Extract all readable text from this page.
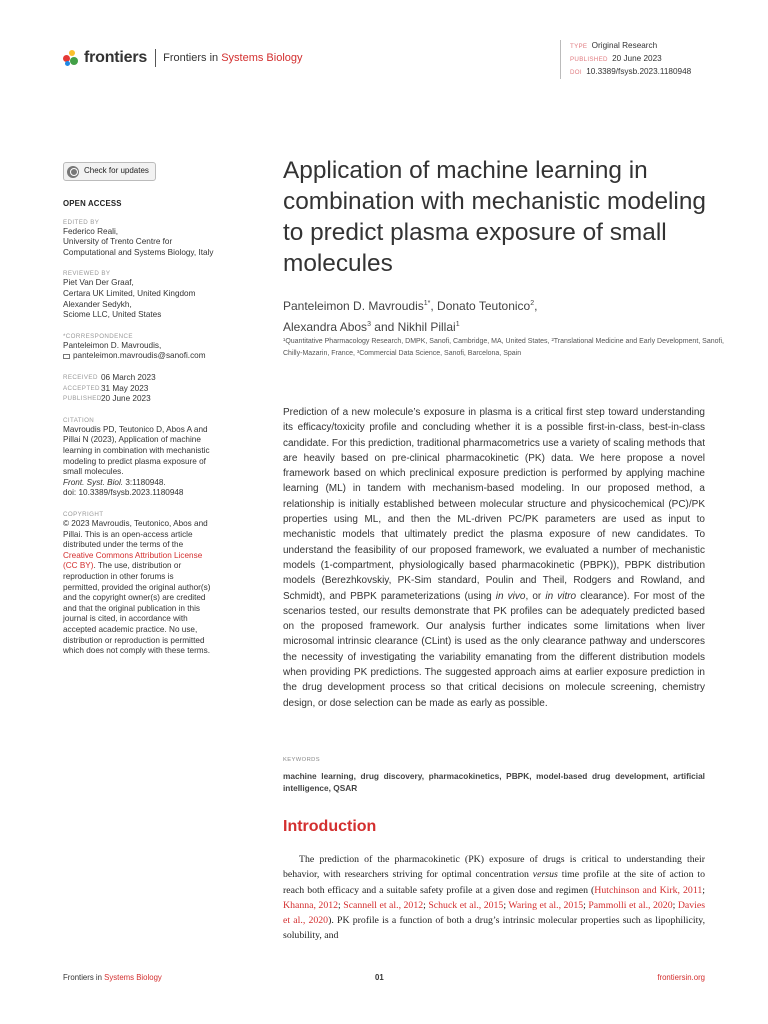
frontiers Frontiers in Systems Biology
TYPE Original Research
PUBLISHED 20 June 2023
DOI 10.3389/fsysb.2023.1180948
Check for updates
OPEN ACCESS
EDITED BY
Federico Reali,
University of Trento Centre for
Computational and Systems Biology, Italy
REVIEWED BY
Piet Van Der Graaf,
Certara UK Limited, United Kingdom
Alexander Sedykh,
Sciome LLC, United States
*CORRESPONDENCE
Panteleimon D. Mavroudis,
panteleimon.mavroudis@sanofi.com
RECEIVED 06 March 2023
ACCEPTED 31 May 2023
PUBLISHED 20 June 2023
CITATION
Mavroudis PD, Teutonico D, Abos A and
Pillai N (2023), Application of machine
learning in combination with mechanistic
modeling to predict plasma exposure of
small molecules.
Front. Syst. Biol. 3:1180948.
doi: 10.3389/fsysb.2023.1180948
COPYRIGHT
© 2023 Mavroudis, Teutonico, Abos and
Pillai. This is an open-access article
distributed under the terms of the
Creative Commons Attribution License
(CC BY). The use, distribution or
reproduction in other forums is
permitted, provided the original author(s)
and the copyright owner(s) are credited
and that the original publication in this
journal is cited, in accordance with
accepted academic practice. No use,
distribution or reproduction is permitted
which does not comply with these terms.
Application of machine learning in combination with mechanistic modeling to predict plasma exposure of small molecules
Panteleimon D. Mavroudis$^{1*}$, Donato Teutonico$^2$,
Alexandra Abos$^3$ and Nikhil Pillai$^1$
¹Quantitative Pharmacology Research, DMPK, Sanofi, Cambridge, MA, United States, ²Translational Medicine and Early Development, Sanofi, Chilly-Mazarin, France, ³Commercial Data Science, Sanofi, Barcelona, Spain
Prediction of a new molecule’s exposure in plasma is a critical first step toward understanding its efficacy/toxicity profile and concluding whether it is a possible first-in-class, best-in-class candidate. For this prediction, traditional pharmacometrics use a variety of scaling methods that are heavily based on pre-clinical pharmacokinetic (PK) data. We here propose a novel framework based on which preclinical exposure prediction is performed by applying machine learning (ML) in tandem with mechanism-based modeling. In our proposed method, a relationship is initially established between molecular structure and physicochemical (PC)/PK properties using ML, and then the ML-driven PC/PK parameters are used as input to mechanistic models that ultimately predict the plasma exposure of new candidates. To understand the feasibility of our proposed framework, we evaluated a number of mechanistic models (1-compartment, physiologically based pharmacokinetic (PBPK)), PBPK distribution models (Berezhkovskiy, PK-Sim standard, Poulin and Theil, Rodgers and Rowland, and Schmidt), and PBPK parameterizations (using in vivo, or in vitro clearance). For most of the scenarios tested, our results demonstrate that PK profiles can be adequately predicted based on the proposed framework. Our analysis further indicates some limitations when liver microsomal intrinsic clearance (CLint) is used as the only clearance pathway and underscores the necessity of investigating the variability emanating from the different distribution models when providing PK predictions. The suggested approach aims at earlier exposure prediction in the drug development process so that critical decisions on molecule screening, chemistry design, or dose selection can be made as early as possible.
KEYWORDS
machine learning, drug discovery, pharmacokinetics, PBPK, model-based drug development, artificial intelligence, QSAR
Introduction
The prediction of the pharmacokinetic (PK) exposure of drugs is critical to understanding their behavior, with researchers striving for optimal concentration versus time profile at the site of action to reach both efficacy and a suitable safety profile at a given dose and regimen (Hutchinson and Kirk, 2011; Khanna, 2012; Scannell et al., 2012; Schuck et al., 2015; Waring et al., 2015; Pammolli et al., 2020; Davies et al., 2020). PK profile is a function of both a drug’s intrinsic molecular properties such as lipophilicity, solubility, and
Frontiers in Systems Biology	01	frontiersin.org
